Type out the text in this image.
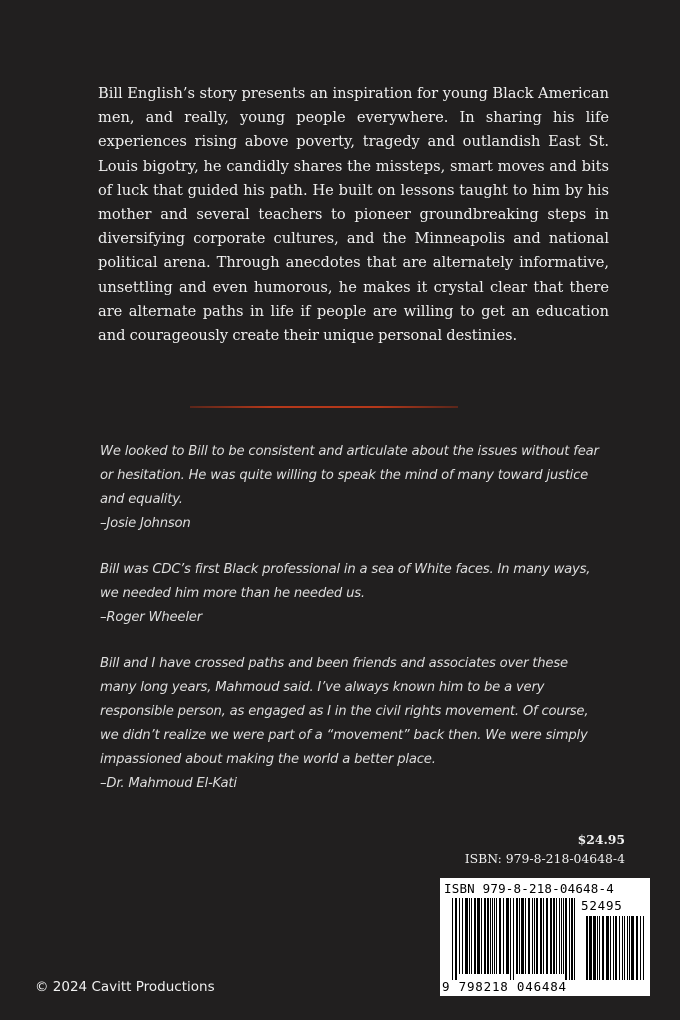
Bill English’s story presents an inspiration for young Black American men, and really, young people everywhere. In sharing his life experiences rising above poverty, tragedy and outlandish East St. Louis bigotry, he candidly shares the missteps, smart moves and bits of luck that guided his path. He built on lessons taught to him by his mother and several teachers to pioneer groundbreaking steps in diversifying corporate cultures, and the Minneapolis and national political arena. Through anecdotes that are alternately informative, unsettling and even humorous, he makes it crystal clear that there are alternate paths in life if people are willing to get an education and courageously create their unique personal destinies.

We looked to Bill to be consistent and articulate about the issues without fear or hesitation. He was quite willing to speak the mind of many toward justice and equality.
–Josie Johnson

Bill was CDC’s first Black professional in a sea of White faces. In many ways, we needed him more than he needed us.
–Roger Wheeler

Bill and I have crossed paths and been friends and associates over these many long years, Mahmoud said. I’ve always known him to be a very responsible person, as engaged as I in the civil rights movement. Of course, we didn’t realize we were part of a “movement” back then. We were simply impassioned about making the world a better place.
–Dr. Mahmoud El-Kati

$24.95
ISBN: 979-8-218-04648-4
ISBN 979-8-218-04648-4
52495
9 798218 046484
© 2024 Cavitt Productions
